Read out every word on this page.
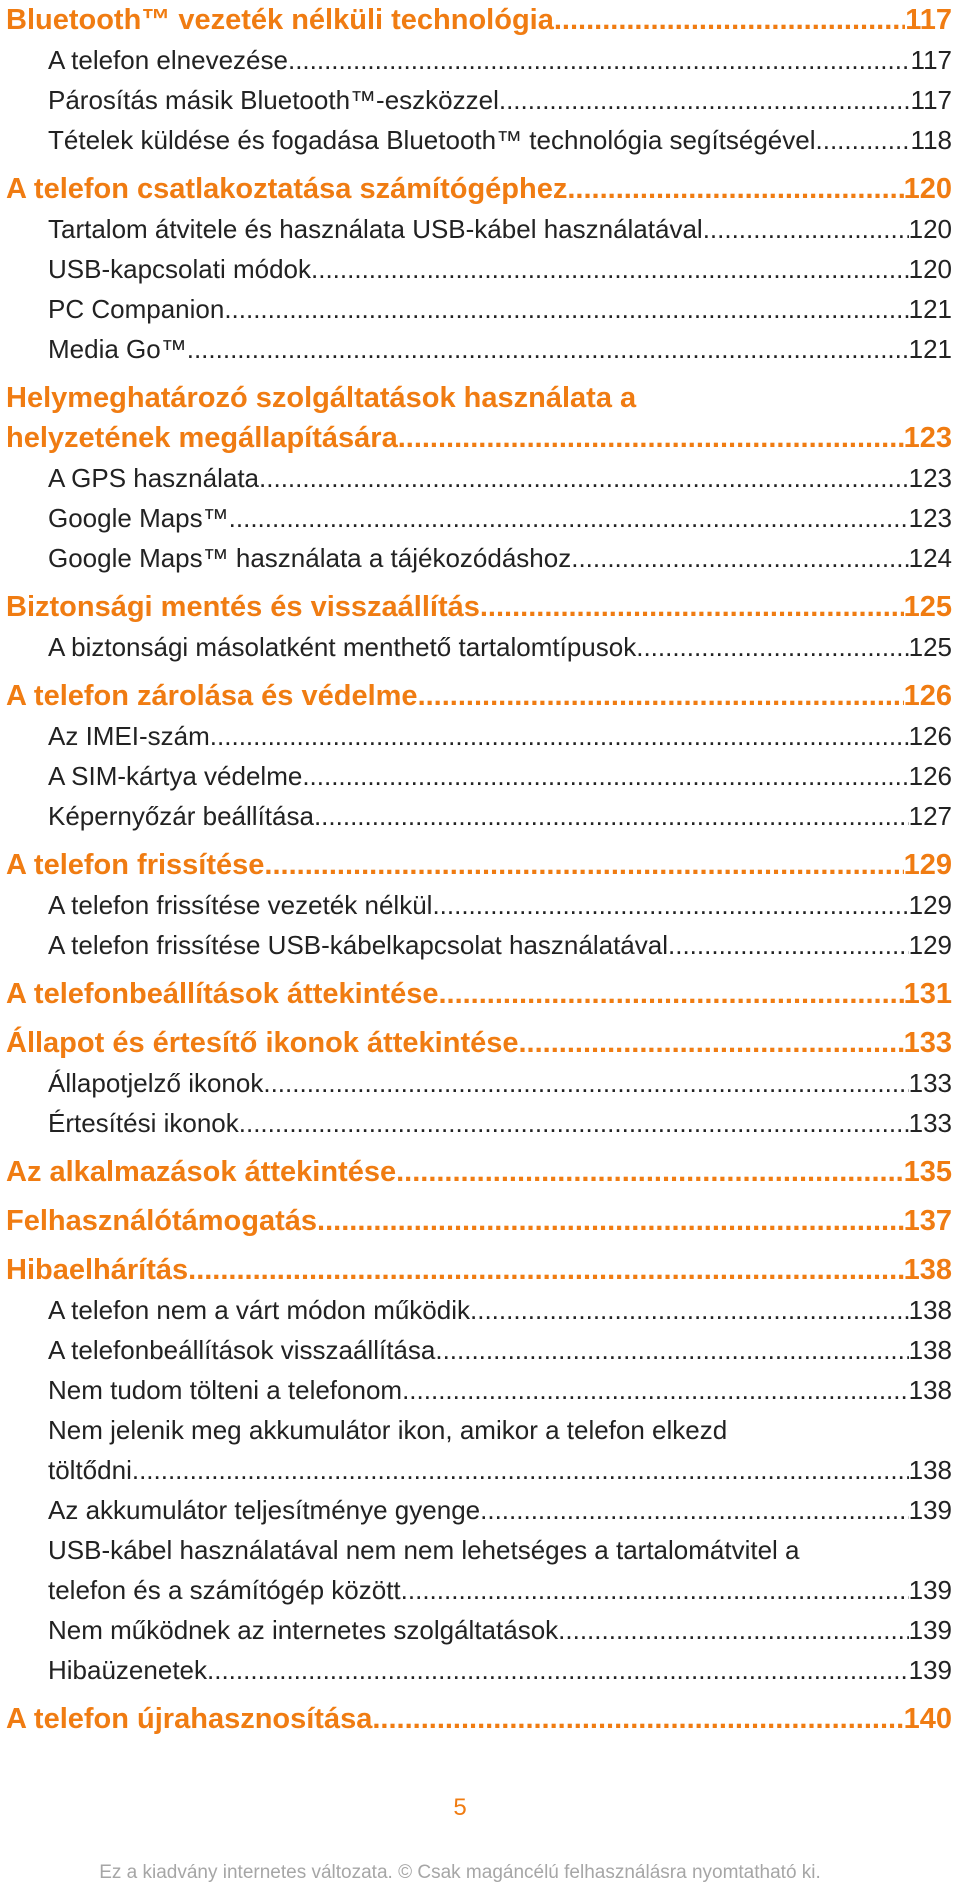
Bluetooth™ vezeték nélküli technológia .....	117
A telefon elnevezése .....	117
Párosítás másik Bluetooth™-eszközzel .....	117
Tételek küldése és fogadása Bluetooth™ technológia segítségével .....	118
A telefon csatlakoztatása számítógéphez .....	120
Tartalom átvitele és használata USB-kábel használatával .....	120
USB-kapcsolati módok .....	120
PC Companion .....	121
Media Go™ .....	121
Helymeghatározó szolgáltatások használata a
helyzetének megállapítására .....	123
A GPS használata .....	123
Google Maps™ .....	123
Google Maps™ használata a tájékozódáshoz .....	124
Biztonsági mentés és visszaállítás .....	125
A biztonsági másolatként menthető tartalomtípusok .....	125
A telefon zárolása és védelme .....	126
Az IMEI-szám .....	126
A SIM-kártya védelme .....	126
Képernyőzár beállítása .....	127
A telefon frissítése .....	129
A telefon frissítése vezeték nélkül .....	129
A telefon frissítése USB-kábelkapcsolat használatával .....	129
A telefonbeállítások áttekintése .....	131
Állapot és értesítő ikonok áttekintése .....	133
Állapotjelző ikonok .....	133
Értesítési ikonok .....	133
Az alkalmazások áttekintése .....	135
Felhasználótámogatás .....	137
Hibaelhárítás .....	138
A telefon nem a várt módon működik .....	138
A telefonbeállítások visszaállítása .....	138
Nem tudom tölteni a telefonom .....	138
Nem jelenik meg akkumulátor ikon, amikor a telefon elkezd
töltődni .....	138
Az akkumulátor teljesítménye gyenge .....	139
USB-kábel használatával nem nem lehetséges a tartalomátvitel a
telefon és a számítógép között .....	139
Nem működnek az internetes szolgáltatások .....	139
Hibaüzenetek .....	139
A telefon újrahasznosítása .....	140
5
Ez a kiadvány internetes változata. © Csak magáncélú felhasználásra nyomtatható ki.
